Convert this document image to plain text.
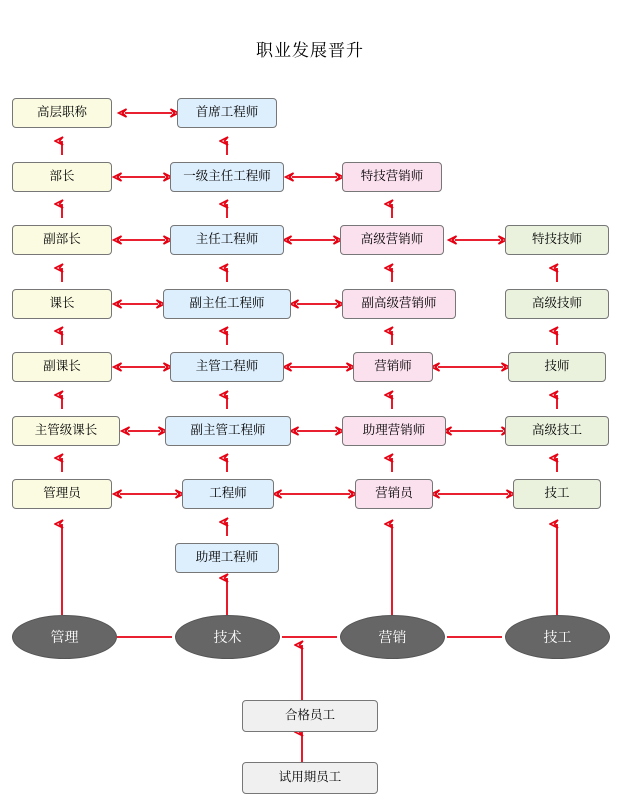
职业发展晋升
高层职称
部长
副部长
课长
副课长
主管级课长
管理员
首席工程师
一级主任工程师
主任工程师
副主任工程师
主管工程师
副主管工程师
工程师
助理工程师
特技营销师
高级营销师
副高级营销师
营销师
助理营销师
营销员
特技技师
高级技师
技师
高级技工
技工
管理	技术	营销	技工
合格员工
试用期员工
